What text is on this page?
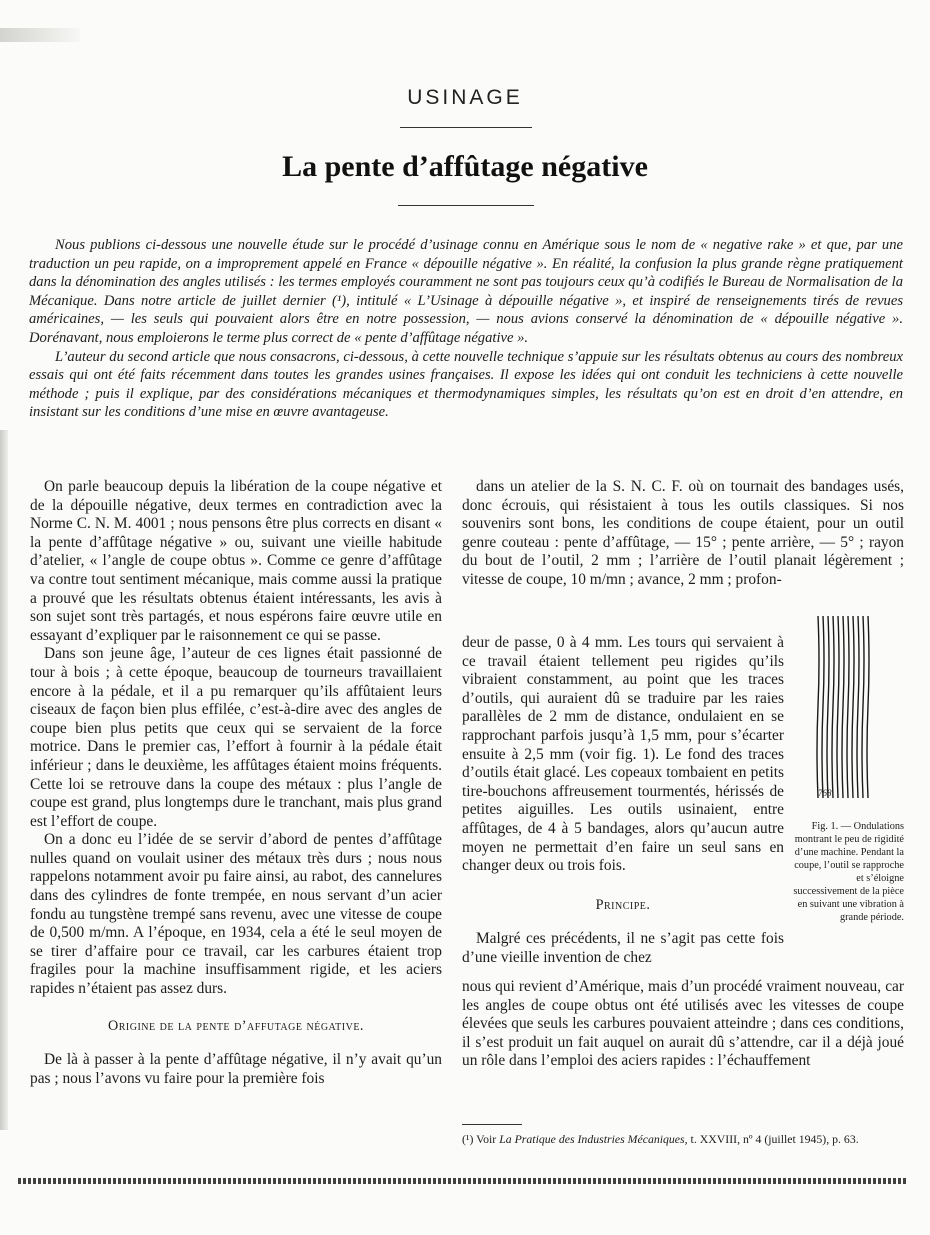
USINAGE
La pente d’affûtage négative

Nous publions ci-dessous une nouvelle étude sur le procédé d’usinage connu en Amérique sous le nom de « negative rake » et que, par une traduction un peu rapide, on a improprement appelé en France « dépouille négative ». En réalité, la confusion la plus grande règne pratiquement dans la dénomination des angles utilisés : les termes employés couramment ne sont pas toujours ceux qu’à codifiés le Bureau de Normalisation de la Mécanique. Dans notre article de juillet dernier (¹), intitulé « L’Usinage à dépouille négative », et inspiré de renseignements tirés de revues américaines, — les seuls qui pouvaient alors être en notre possession, — nous avions conservé la dénomination de « dépouille négative ». Dorénavant, nous emploierons le terme plus correct de « pente d’affûtage négative ».

L’auteur du second article que nous consacrons, ci-dessous, à cette nouvelle technique s’appuie sur les résultats obtenus au cours des nombreux essais qui ont été faits récemment dans toutes les grandes usines françaises. Il expose les idées qui ont conduit les techniciens à cette nouvelle méthode ; puis il explique, par des considérations mécaniques et thermodynamiques simples, les résultats qu’on est en droit d’en attendre, en insistant sur les conditions d’une mise en œuvre avantageuse.

On parle beaucoup depuis la libération de la coupe négative et de la dépouille négative, deux termes en contradiction avec la Norme C. N. M. 4001 ; nous pensons être plus corrects en disant « la pente d’affûtage négative » ou, suivant une vieille habitude d’atelier, « l’angle de coupe obtus ». Comme ce genre d’affûtage va contre tout sentiment mécanique, mais comme aussi la pratique a prouvé que les résultats obtenus étaient intéressants, les avis à son sujet sont très partagés, et nous espérons faire œuvre utile en essayant d’expliquer par le raisonnement ce qui se passe.

Dans son jeune âge, l’auteur de ces lignes était passionné de tour à bois ; à cette époque, beaucoup de tourneurs travaillaient encore à la pédale, et il a pu remarquer qu’ils affûtaient leurs ciseaux de façon bien plus effilée, c’est-à-dire avec des angles de coupe bien plus petits que ceux qui se servaient de la force motrice. Dans le premier cas, l’effort à fournir à la pédale était inférieur ; dans le deuxième, les affûtages étaient moins fréquents. Cette loi se retrouve dans la coupe des métaux : plus l’angle de coupe est grand, plus longtemps dure le tranchant, mais plus grand est l’effort de coupe.

On a donc eu l’idée de se servir d’abord de pentes d’affûtage nulles quand on voulait usiner des métaux très durs ; nous nous rappelons notamment avoir pu faire ainsi, au rabot, des cannelures dans des cylindres de fonte trempée, en nous servant d’un acier fondu au tungstène trempé sans revenu, avec une vitesse de coupe de 0,500 m/mn. A l’époque, en 1934, cela a été le seul moyen de se tirer d’affaire pour ce travail, car les carbures étaient trop fragiles pour la machine insuffisamment rigide, et les aciers rapides n’étaient pas assez durs.

Origine de la pente d’affutage négative.

De là à passer à la pente d’affûtage négative, il n’y avait qu’un pas ; nous l’avons vu faire pour la première fois

dans un atelier de la S. N. C. F. où on tournait des bandages usés, donc écrouis, qui résistaient à tous les outils classiques. Si nos souvenirs sont bons, les conditions de coupe étaient, pour un outil genre couteau : pente d’affûtage, — 15° ; pente arrière, — 5° ; rayon du bout de l’outil, 2 mm ; l’arrière de l’outil planait légèrement ; vitesse de coupe, 10 m/mn ; avance, 2 mm ; profon-

deur de passe, 0 à 4 mm. Les tours qui servaient à ce travail étaient tellement peu rigides qu’ils vibraient constamment, au point que les traces d’outils, qui auraient dû se traduire par les raies parallèles de 2 mm de distance, ondulaient en se rapprochant parfois jusqu’à 1,5 mm, pour s’écarter ensuite à 2,5 mm (voir fig. 1). Le fond des traces d’outils était glacé. Les copeaux tombaient en petits tire-bouchons affreusement tourmentés, hérissés de petites aiguilles. Les outils usinaient, entre affûtages, de 4 à 5 bandages, alors qu’aucun autre moyen ne permettait d’en faire un seul sans en changer deux ou trois fois.

Principe.

Malgré ces précédents, il ne s’agit pas cette fois d’une vieille invention de chez

768
Fig. 1. — Ondulations montrant le peu de rigidité d’une machine. Pendant la coupe, l’outil se rapproche et s’éloigne successivement de la pièce en suivant une vibration à grande période.

nous qui revient d’Amérique, mais d’un procédé vraiment nouveau, car les angles de coupe obtus ont été utilisés avec les vitesses de coupe élevées que seuls les carbures pouvaient atteindre ; dans ces conditions, il s’est produit un fait auquel on aurait dû s’attendre, car il a déjà joué un rôle dans l’emploi des aciers rapides : l’échauffement

(¹) Voir La Pratique des Industries Mécaniques, t. XXVIII, nº 4 (juillet 1945), p. 63.
